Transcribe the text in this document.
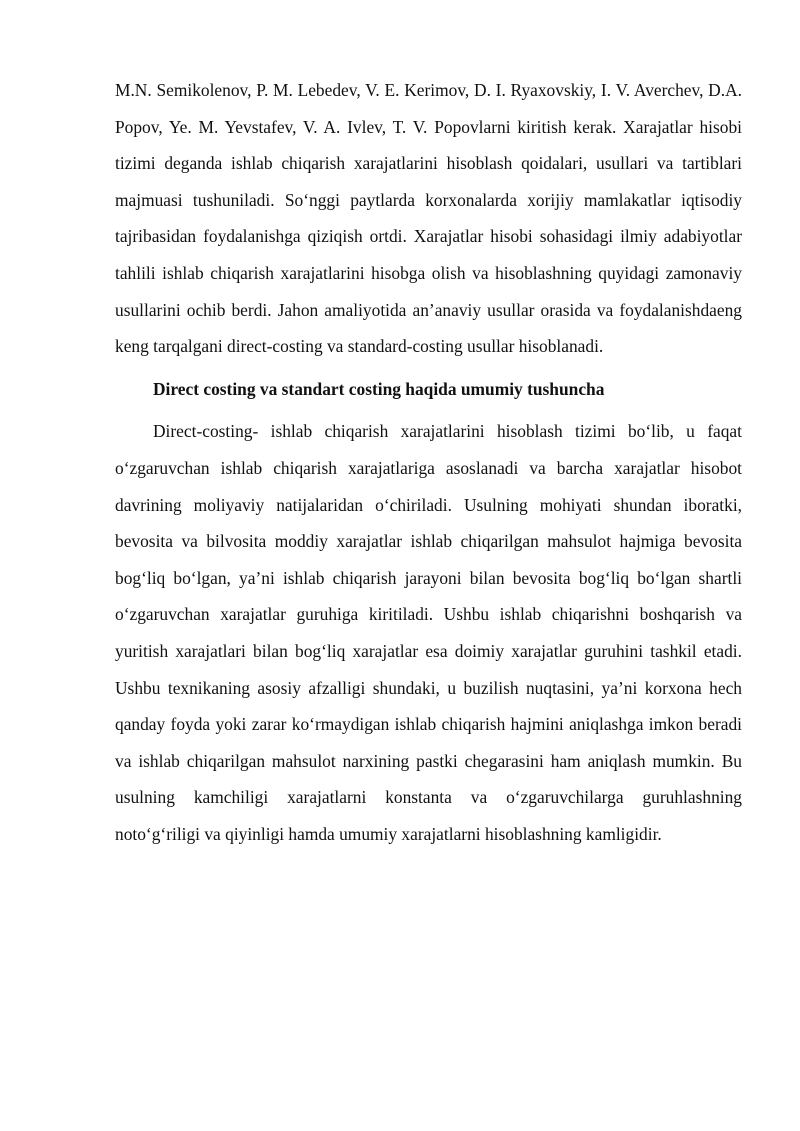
M.N. Semikolenov, P. M. Lebedev, V. E. Kerimov, D. I. Ryaxovskiy, I. V. Averchev, D.A. Popov, Ye. M. Yevstafev, V. A. Ivlev, T. V. Popovlarni kiritish kerak. Xarajatlar hisobi tizimi deganda ishlab chiqarish xarajatlarini hisoblash qoidalari, usullari va tartiblari majmuasi tushuniladi. So‘nggi paytlarda korxonalarda xorijiy mamlakatlar iqtisodiy tajribasidan foydalanishga qiziqish ortdi. Xarajatlar hisobi sohasidagi ilmiy adabiyotlar tahlili ishlab chiqarish xarajatlarini hisobga olish va hisoblashning quyidagi zamonaviy usullarini ochib berdi. Jahon amaliyotida an’anaviy usullar orasida va foydalanishdaeng keng tarqalgani direct-costing va standard-costing usullar hisoblanadi.

Direct costing va standart costing haqida umumiy tushuncha

Direct-costing- ishlab chiqarish xarajatlarini hisoblash tizimi bo‘lib, u faqat o‘zgaruvchan ishlab chiqarish xarajatlariga asoslanadi va barcha xarajatlar hisobot davrining moliyaviy natijalaridan o‘chiriladi. Usulning mohiyati shundan iboratki, bevosita va bilvosita moddiy xarajatlar ishlab chiqarilgan mahsulot hajmiga bevosita bog‘liq bo‘lgan, ya’ni ishlab chiqarish jarayoni bilan bevosita bog‘liq bo‘lgan shartli o‘zgaruvchan xarajatlar guruhiga kiritiladi. Ushbu ishlab chiqarishni boshqarish va yuritish xarajatlari bilan bog‘liq xarajatlar esa doimiy xarajatlar guruhini tashkil etadi. Ushbu texnikaning asosiy afzalligi shundaki, u buzilish nuqtasini, ya’ni korxona hech qanday foyda yoki zarar ko‘rmaydigan ishlab chiqarish hajmini aniqlashga imkon beradi va ishlab chiqarilgan mahsulot narxining pastki chegarasini ham aniqlash mumkin. Bu usulning kamchiligi xarajatlarni konstanta va o‘zgaruvchilarga guruhlashning noto‘g‘riligi va qiyinligi hamda umumiy xarajatlarni hisoblashning kamligidir.
